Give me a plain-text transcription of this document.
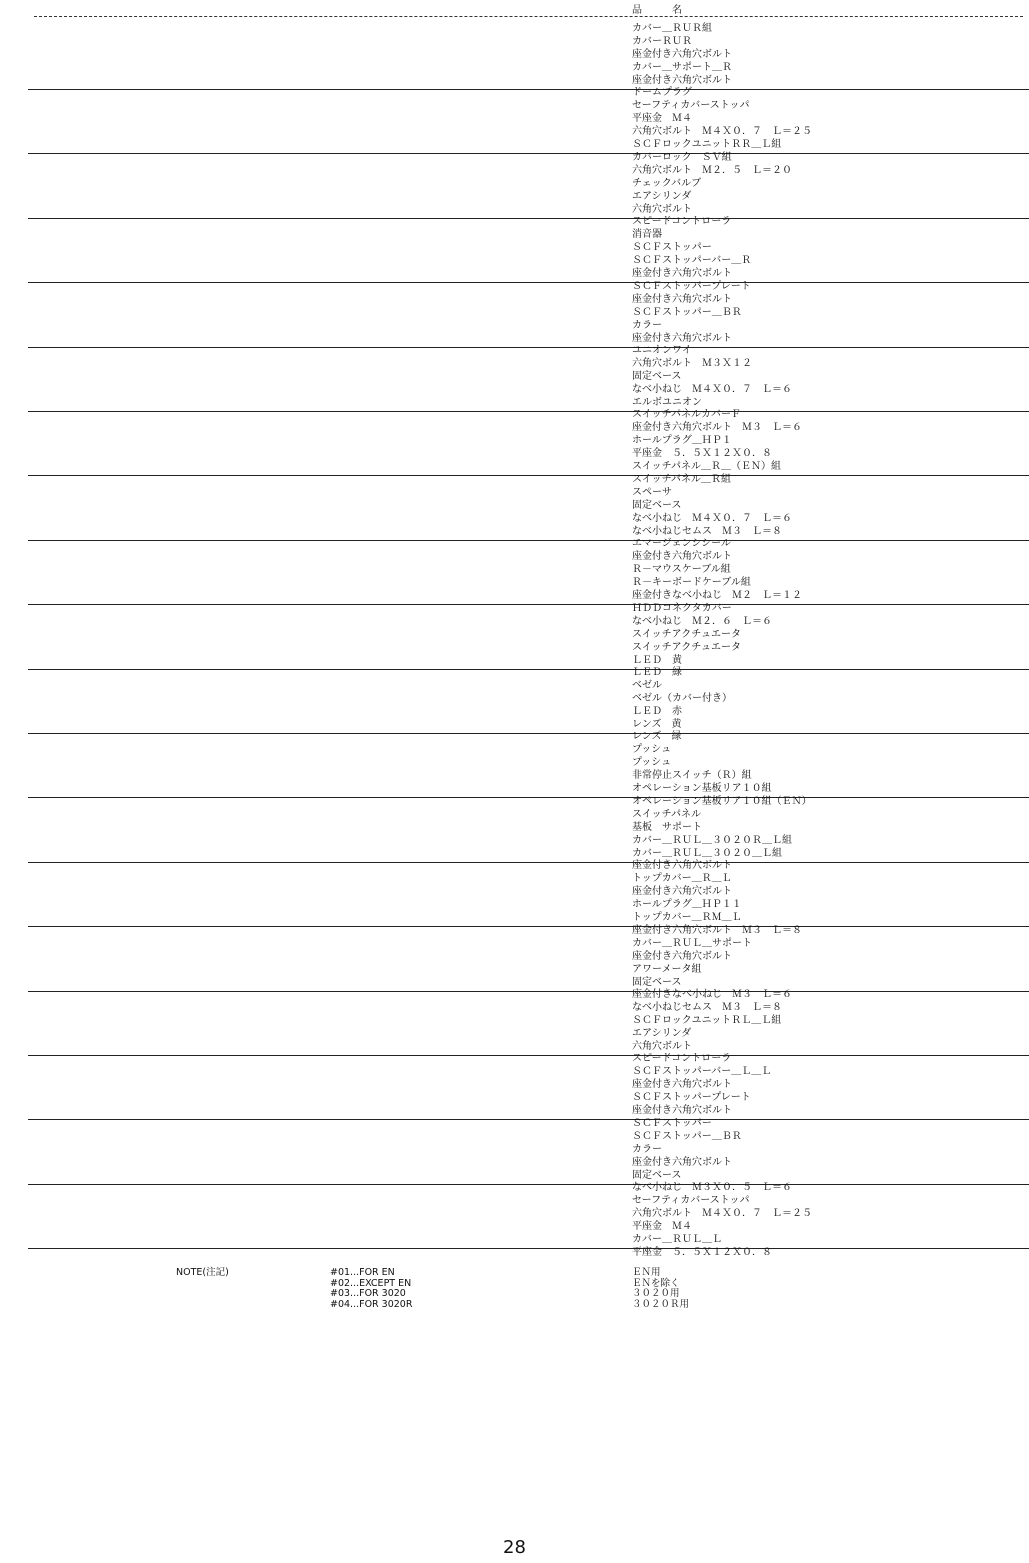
品　名
カバー＿ＲＵＲ組
カバーＲＵＲ
座金付き六角穴ボルト
カバー＿サポート＿Ｒ
座金付き六角穴ボルト
ドームプラグ
セーフティカバーストッパ
平座金　Ｍ４
六角穴ボルト　Ｍ４Ｘ０．７　Ｌ＝２５
ＳＣＦロックユニットＲＲ＿Ｌ組
カバーロック　ＳＶ組
六角穴ボルト　Ｍ２．５　Ｌ＝２０
チェックバルブ
エアシリンダ
六角穴ボルト
スピードコントローラ
消音器
ＳＣＦストッパー
ＳＣＦストッパーバー＿Ｒ
座金付き六角穴ボルト
ＳＣＦストッパープレート
座金付き六角穴ボルト
ＳＣＦストッパー＿ＢＲ
カラー
座金付き六角穴ボルト
ユニオンワイ
六角穴ボルト　Ｍ３Ｘ１２
固定ベース
なべ小ねじ　Ｍ４Ｘ０．７　Ｌ＝６
エルボユニオン
スイッチパネルカバーＦ
座金付き六角穴ボルト　Ｍ３　Ｌ＝６
ホールプラグ＿ＨＰ１
平座金　５．５Ｘ１２Ｘ０．８
スイッチパネル＿Ｒ＿（ＥＮ）組
スイッチパネル＿Ｒ組
スペーサ
固定ベース
なべ小ねじ　Ｍ４Ｘ０．７　Ｌ＝６
なべ小ねじセムス　Ｍ３　Ｌ＝８
エマージェンシシール
座金付き六角穴ボルト
Ｒ－マウスケーブル組
Ｒ－キーボードケーブル組
座金付きなべ小ねじ　Ｍ２　Ｌ＝１２
ＨＤＤコネクタカバー
なべ小ねじ　Ｍ２．６　Ｌ＝６
スイッチアクチュエータ
スイッチアクチュエータ
ＬＥＤ　黄
ＬＥＤ　緑
ベゼル
ベゼル（カバー付き）
ＬＥＤ　赤
レンズ　黄
レンズ　緑
プッシュ
プッシュ
非常停止スイッチ（Ｒ）組
オペレーション基板リア１０組
オペレーション基板リア１０組（ＥＮ）
スイッチパネル
基板　サポート
カバー＿ＲＵＬ＿３０２０Ｒ＿Ｌ組
カバー＿ＲＵＬ＿３０２０＿Ｌ組
座金付き六角穴ボルト
トップカバー＿Ｒ＿Ｌ
座金付き六角穴ボルト
ホールプラグ＿ＨＰ１１
トップカバー＿ＲＭ＿Ｌ
座金付き六角穴ボルト　Ｍ３　Ｌ＝８
カバー＿ＲＵＬ＿サポート
座金付き六角穴ボルト
アワーメータ組
固定ベース
座金付きなべ小ねじ　Ｍ３　Ｌ＝６
なべ小ねじセムス　Ｍ３　Ｌ＝８
ＳＣＦロックユニットＲＬ＿Ｌ組
エアシリンダ
六角穴ボルト
スピードコントローラ
ＳＣＦストッパーバー＿Ｌ＿Ｌ
座金付き六角穴ボルト
ＳＣＦストッパープレート
座金付き六角穴ボルト
ＳＣＦストッパー
ＳＣＦストッパー＿ＢＲ
カラー
座金付き六角穴ボルト
固定ベース
なべ小ねじ　Ｍ３Ｘ０．５　Ｌ＝６
セーフティカバーストッパ
六角穴ボルト　Ｍ４Ｘ０．７　Ｌ＝２５
平座金　Ｍ４
カバー＿ＲＵＬ＿Ｌ
平座金　５．５Ｘ１２Ｘ０．８
NOTE(注記)	#01...FOR EN
#02...EXCEPT EN
#03...FOR 3020
#04...FOR 3020R
ＥＮ用
ＥＮを除く
３０２０用
３０２０Ｒ用
28
